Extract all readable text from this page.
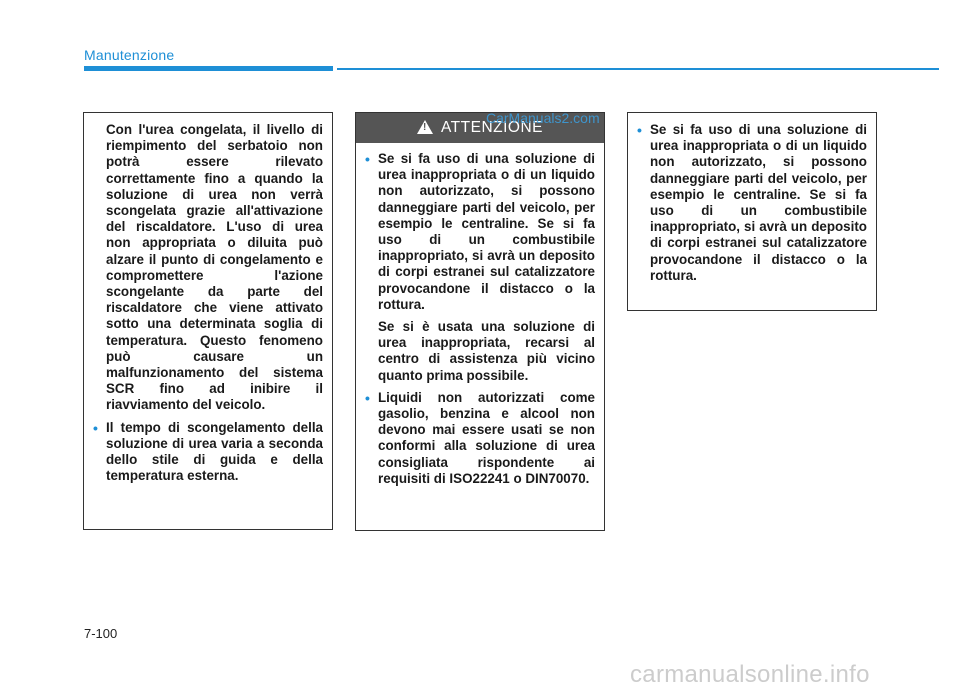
Manutenzione
Con l'urea congelata, il livello di riempimento del serbatoio non potrà essere rilevato correttamente fino a quando la soluzione di urea non verrà scongelata grazie all'attivazione del riscaldatore. L'uso di urea non appropriata o diluita può alzare il punto di congelamento e compromettere l'azione scongelante da parte del riscaldatore che viene attivato sotto una determinata soglia di temperatura. Questo fenomeno può causare un malfunzionamento del sistema SCR fino ad inibire il riavviamento del veicolo.
• Il tempo di scongelamento della soluzione di urea varia a seconda dello stile di guida e della temperatura esterna.
!
ATTENZIONE
• Se si fa uso di una soluzione di urea inappropriata o di un liquido non autorizzato, si possono danneggiare parti del veicolo, per esempio le centraline. Se si fa uso di un combustibile inappropriato, si avrà un deposito di corpi estranei sul catalizzatore provocandone il distacco o la rottura.
Se si è usata una soluzione di urea inappropriata, recarsi al centro di assistenza più vicino quanto prima possibile.
• Liquidi non autorizzati come gasolio, benzina e alcool non devono mai essere usati se non conformi alla soluzione di urea consigliata rispondente ai requisiti di ISO22241 o DIN70070.
CarManuals2.com
• Se si fa uso di una soluzione di urea inappropriata o di un liquido non autorizzato, si possono danneggiare parti del veicolo, per esempio le centraline. Se si fa uso di un combustibile inappropriato, si avrà un deposito di corpi estranei sul catalizzatore provocandone il distacco o la rottura.
7-100
carmanualsonline.info
